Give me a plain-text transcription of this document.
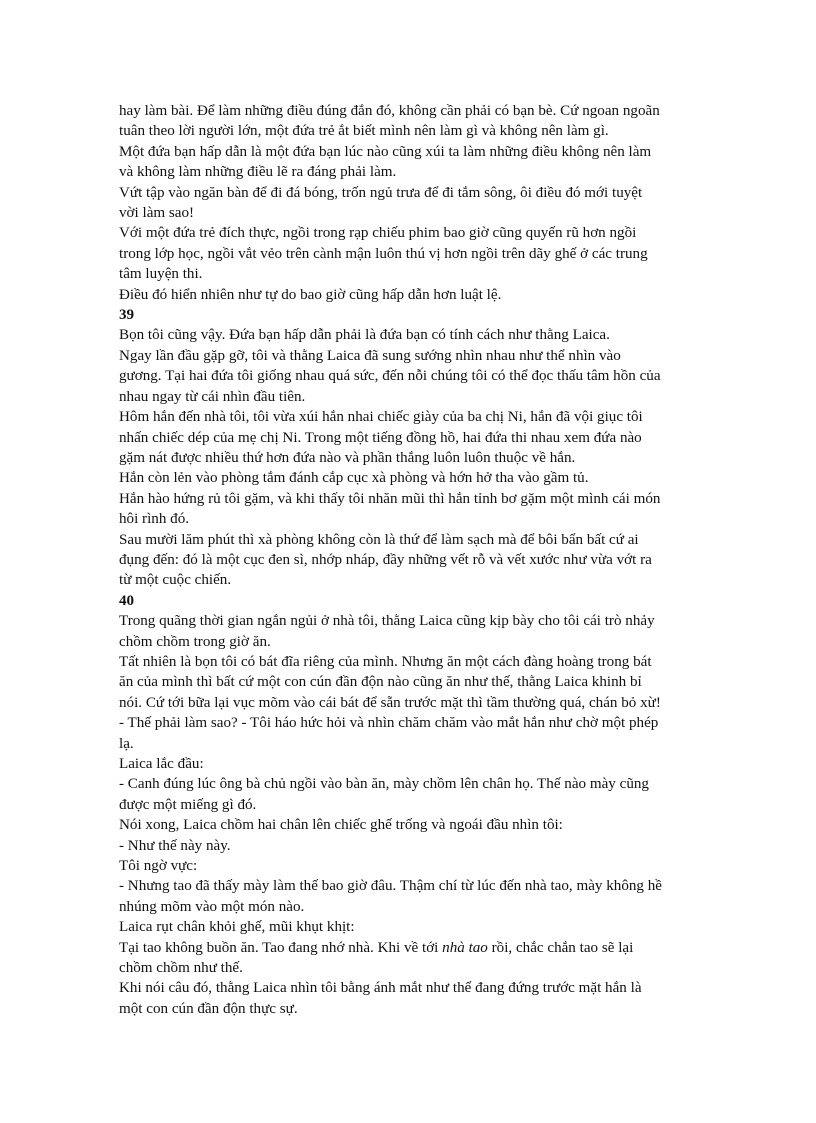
hay làm bài. Để làm những điều đúng đắn đó, không cần phải có bạn bè. Cứ ngoan ngoãn
tuân theo lời người lớn, một đứa trẻ ắt biết mình nên làm gì và không nên làm gì.

Một đứa bạn hấp dẫn là một đứa bạn lúc nào cũng xúi ta làm những điều không nên làm
và không làm những điều lẽ ra đáng phải làm.

Vứt tập vào ngăn bàn để đi đá bóng, trốn ngủ trưa để đi tắm sông, ôi điều đó mới tuyệt
vời làm sao!

Với một đứa trẻ đích thực, ngồi trong rạp chiếu phim bao giờ cũng quyến rũ hơn ngồi
trong lớp học, ngồi vắt vẻo trên cành mận luôn thú vị hơn ngồi trên dãy ghế ở các trung
tâm luyện thi.

Điều đó hiển nhiên như tự do bao giờ cũng hấp dẫn hơn luật lệ.

39

Bọn tôi cũng vậy. Đứa bạn hấp dẫn phải là đứa bạn có tính cách như thằng Laica.

Ngay lần đầu gặp gỡ, tôi và thằng Laica đã sung sướng nhìn nhau như thể nhìn vào
gương. Tại hai đứa tôi giống nhau quá sức, đến nỗi chúng tôi có thể đọc thấu tâm hồn của
nhau ngay từ cái nhìn đầu tiên.

Hôm hắn đến nhà tôi, tôi vừa xúi hắn nhai chiếc giày của ba chị Ni, hắn đã vội giục tôi
nhấn chiếc dép của mẹ chị Ni. Trong một tiếng đồng hồ, hai đứa thi nhau xem đứa nào
gặm nát được nhiều thứ hơn đứa nào và phần thắng luôn luôn thuộc về hắn.

Hắn còn lẻn vào phòng tắm đánh cắp cục xà phòng và hớn hở tha vào gầm tủ.

Hắn hào hứng rủ tôi gặm, và khi thấy tôi nhăn mũi thì hắn tỉnh bơ gặm một mình cái món
hôi rình đó.

Sau mười lăm phút thì xà phòng không còn là thứ để làm sạch mà để bôi bẩn bất cứ ai
đụng đến: đó là một cục đen sì, nhớp nháp, đầy những vết rỗ và vết xước như vừa vớt ra
từ một cuộc chiến.

40

Trong quãng thời gian ngắn ngủi ở nhà tôi, thằng Laica cũng kịp bày cho tôi cái trò nhảy
chồm chồm trong giờ ăn.

Tất nhiên là bọn tôi có bát đĩa riêng của mình. Nhưng ăn một cách đàng hoàng trong bát
ăn của mình thì bất cứ một con cún đần độn nào cũng ăn như thế, thằng Laica khinh bỉ
nói. Cứ tới bữa lại vục mõm vào cái bát để sẵn trước mặt thì tầm thường quá, chán bỏ xừ!

- Thế phải làm sao? - Tôi háo hức hỏi và nhìn chăm chăm vào mắt hắn như chờ một phép
lạ.

Laica lắc đầu:

- Canh đúng lúc ông bà chủ ngồi vào bàn ăn, mày chồm lên chân họ. Thế nào mày cũng
được một miếng gì đó.

Nói xong, Laica chồm hai chân lên chiếc ghế trống và ngoái đầu nhìn tôi:

- Như thế này này.

Tôi ngờ vực:

- Nhưng tao đã thấy mày làm thế bao giờ đâu. Thậm chí từ lúc đến nhà tao, mày không hề
nhúng mõm vào một món nào.

Laica rụt chân khỏi ghế, mũi khụt khịt:

Tại tao không buồn ăn. Tao đang nhớ nhà. Khi về tới nhà tao rồi, chắc chắn tao sẽ lại
chồm chồm như thế.

Khi nói câu đó, thằng Laica nhìn tôi bằng ánh mắt như thể đang đứng trước mặt hắn là
một con cún đần độn thực sự.
